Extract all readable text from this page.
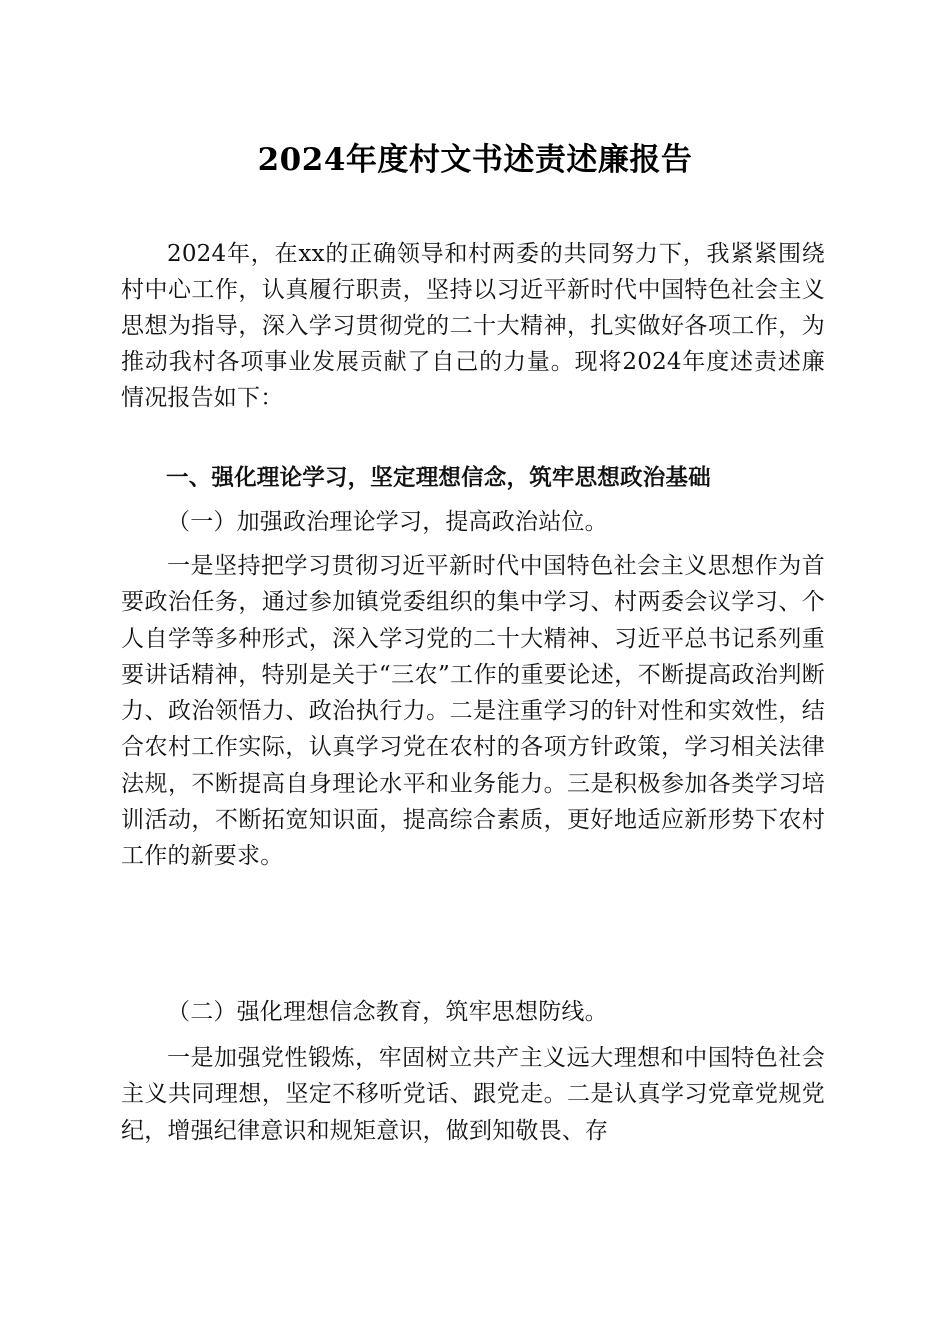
2024年度村文书述责述廉报告

2024年，在xx的正确领导和村两委的共同努力下，我紧紧围绕村中心工作，认真履行职责，坚持以习近平新时代中国特色社会主义思想为指导，深入学习贯彻党的二十大精神，扎实做好各项工作，为推动我村各项事业发展贡献了自己的力量。现将2024年度述责述廉情况报告如下：

一、强化理论学习，坚定理想信念，筑牢思想政治基础

（一）加强政治理论学习，提高政治站位。

一是坚持把学习贯彻习近平新时代中国特色社会主义思想作为首要政治任务，通过参加镇党委组织的集中学习、村两委会议学习、个人自学等多种形式，深入学习党的二十大精神、习近平总书记系列重要讲话精神，特别是关于“三农”工作的重要论述，不断提高政治判断力、政治领悟力、政治执行力。二是注重学习的针对性和实效性，结合农村工作实际，认真学习党在农村的各项方针政策，学习相关法律法规，不断提高自身理论水平和业务能力。三是积极参加各类学习培训活动，不断拓宽知识面，提高综合素质，更好地适应新形势下农村工作的新要求。

（二）强化理想信念教育，筑牢思想防线。

一是加强党性锻炼，牢固树立共产主义远大理想和中国特色社会主义共同理想，坚定不移听党话、跟党走。二是认真学习党章党规党纪，增强纪律意识和规矩意识，做到知敬畏、存
